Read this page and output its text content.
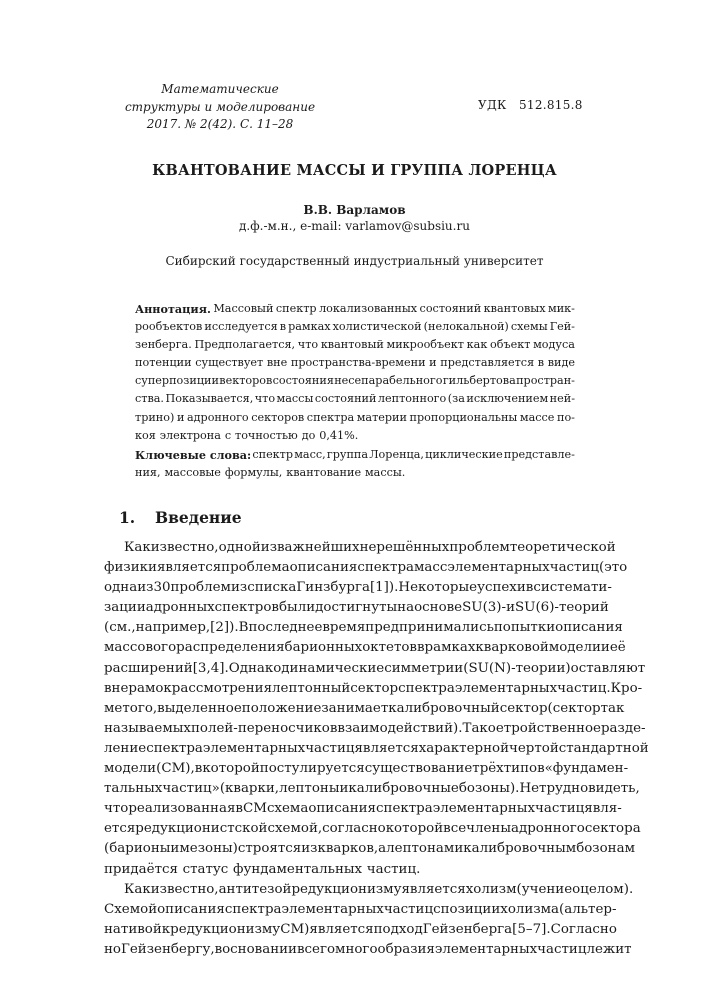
Математические
структуры и моделирование
2017. № 2(42). С. 11–28
УДК   512.815.8
КВАНТОВАНИЕ МАССЫ И ГРУППА ЛОРЕНЦА
В.В. Варламов
д.ф.-м.н., e-mail: varlamov@subsiu.ru
Сибирский государственный индустриальный университет
Аннотация. Массовый спектр локализованных состояний квантовых мик-
рообъектов исследуется в рамках холистической (нелокальной) схемы Гей-
зенберга. Предполагается, что квантовый микрообъект как объект модуса
потенции существует вне пространства-времени и представляется в виде
суперпозиции векторов состояния несепарабельного гильбертова простран-
ства. Показывается, что массы состояний лептонного (за исключением ней-
трино) и адронного секторов спектра материи пропорциональны массе по-
коя электрона с точностью до 0,41%.
Ключевые слова: спектр масс, группа Лоренца, циклические представле-
ния, массовые формулы, квантование массы.
1. Введение
Как известно, одной из важнейших нерешённых проблем теоретической
физики является проблема описания спектра масс элементарных частиц (это
одна из 30 проблем из списка Гинзбурга [1]). Некоторые успехи в системати-
зации адронных спектров были достигнуты на основе SU(3)- и SU(6)-теорий
(см., например, [2]). В последнее время предпринимались попытки описания
массового распределения барионных октетов в рамках кварковой модели и её
расширений [3,4]. Однако динамические симметрии (SU(N)-теории) оставляют
вне рамок рассмотрения лептонный сектор спектра элементарных частиц. Кро-
ме того, выделенное положение занимает калибровочный сектор (сектор так
называемых полей-переносчиков взаимодействий). Такое тройственное разде-
ление спектра элементарных частиц является характерной чертой стандартной
модели (СМ), в которой постулируется существование трёх типов «фундамен-
тальных частиц» (кварки, лептоны и калибровочные бозоны). Нетрудно видеть,
что реализованная в СМ схема описания спектра элементарных частиц явля-
ется редукционистской схемой, согласно которой все члены адронного сектора
(барионы и мезоны) строятся из кварков, а лептонам и калибровочным бозонам
придаётся статус фундаментальных частиц.
Как известно, антитезой редукционизму является холизм (учение о целом).
Схемой описания спектра элементарных частиц с позиции холизма (альтер-
нативой к редукционизму СМ) является подход Гейзенберга [5–7]. Согласно
но Гейзенбергу, в основании всего многообразия элементарных частиц лежит
